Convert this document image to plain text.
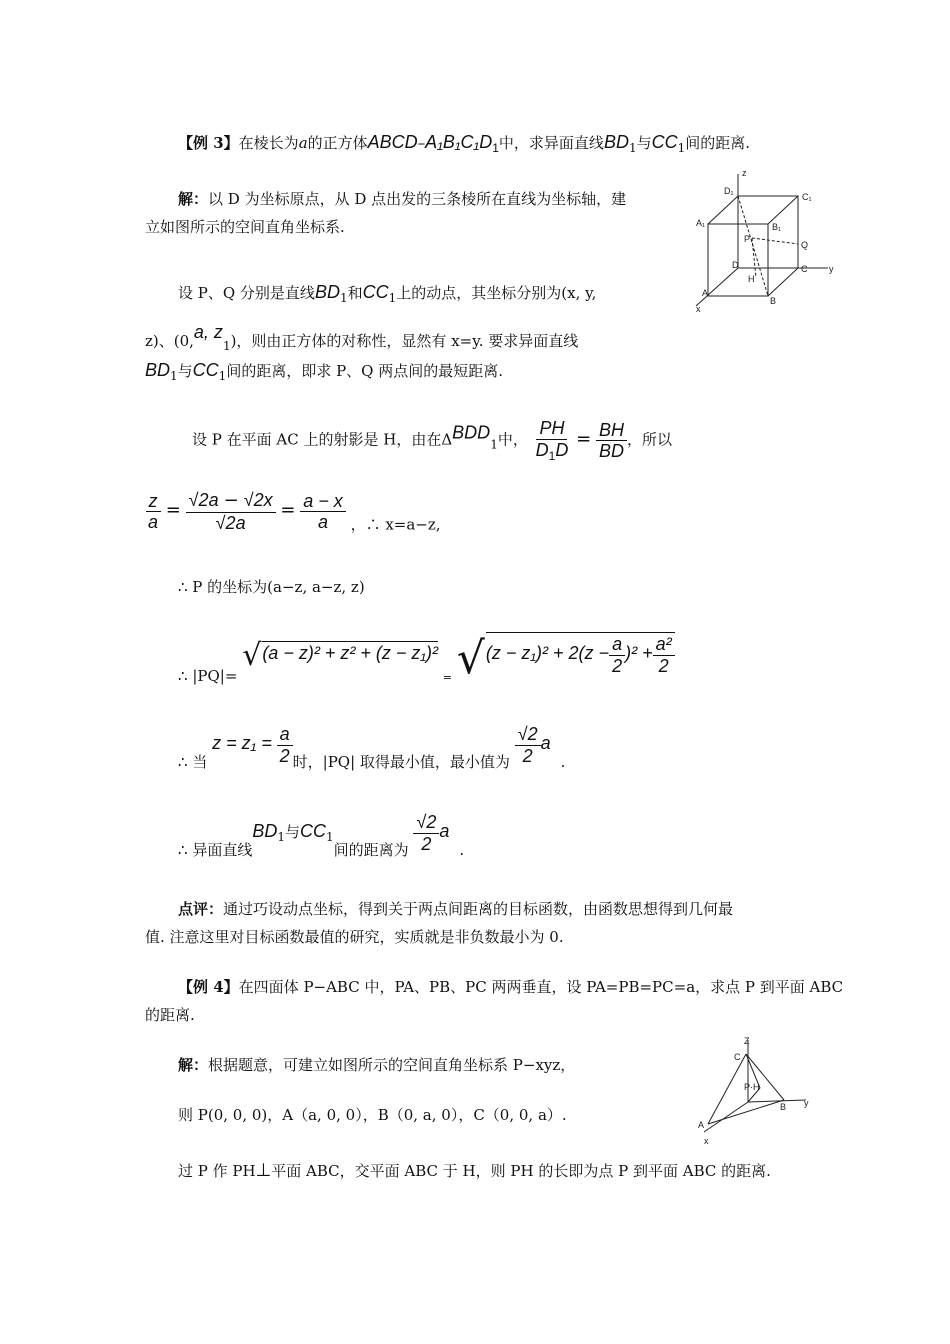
【例 3】在棱长为a的正方体ABCD–$A_1B_1C_1D_1$中，求异面直线$BD_1$与$CC_1$间的距离.
解：以 D 为坐标原点，从 D 点出发的三条棱所在直线为坐标轴，建
立如图所示的空间直角坐标系.
z
D₁
C₁
A₁	B₁
P
Q
D
H
C y
A
B
x
设 P、Q 分别是直线$BD_1$和$CC_1$上的动点，其坐标分别为(x, y,
z)、(0,a, $z_1$)，则由正方体的对称性，显然有 x=y. 要求异面直线
$BD_1$与$CC_1$间的距离，即求 P、Q 两点间的最短距离.
设 P 在平面 AC 上的射影是 H，由在$\Delta BDD_1$中， $\frac{PH}{D_1D} = \frac{BH}{BD}$ ，所以
$\frac{z}{a} = \frac{√2a - √2x}{√2a} = \frac{a - x}{a}$ ，∴ x=a−z,
∴ P 的坐标为(a−z, a−z, z)
∴ |PQ|= √(a − z)² + z² + (z − z₁)² $_=$ $√(z - z_1)^2 + 2(z - \frac{a}{2} )^2 + \frac{\text{a²}}{2}$
∴ 当 $z = z_1 = \frac{a}{2}$ 时，|PQ| 取得最小值，最小值为 $\frac{√2}{2} a$.
∴ 异面直线$BD_1$与$CC_1$间的距离为 $\frac{√2}{2} a$.
点评：通过巧设动点坐标，得到关于两点间距离的目标函数，由函数思想得到几何最
值. 注意这里对目标函数最值的研究，实质就是非负数最小为 0.
【例 4】在四面体 P−ABC 中，PA、PB、PC 两两垂直，设 PA=PB=PC=a，求点 P 到平面 ABC
的距离.
解：根据题意，可建立如图所示的空间直角坐标系 P−xyz，
则 P(0, 0, 0)，A（a, 0, 0），B（0, a, 0），C（0, 0, a）.
过 P 作 PH⊥平面 ABC，交平面 ABC 于 H，则 PH 的长即为点 P 到平面 ABC 的距离.
Z
C
P·H
y
A
B
x
